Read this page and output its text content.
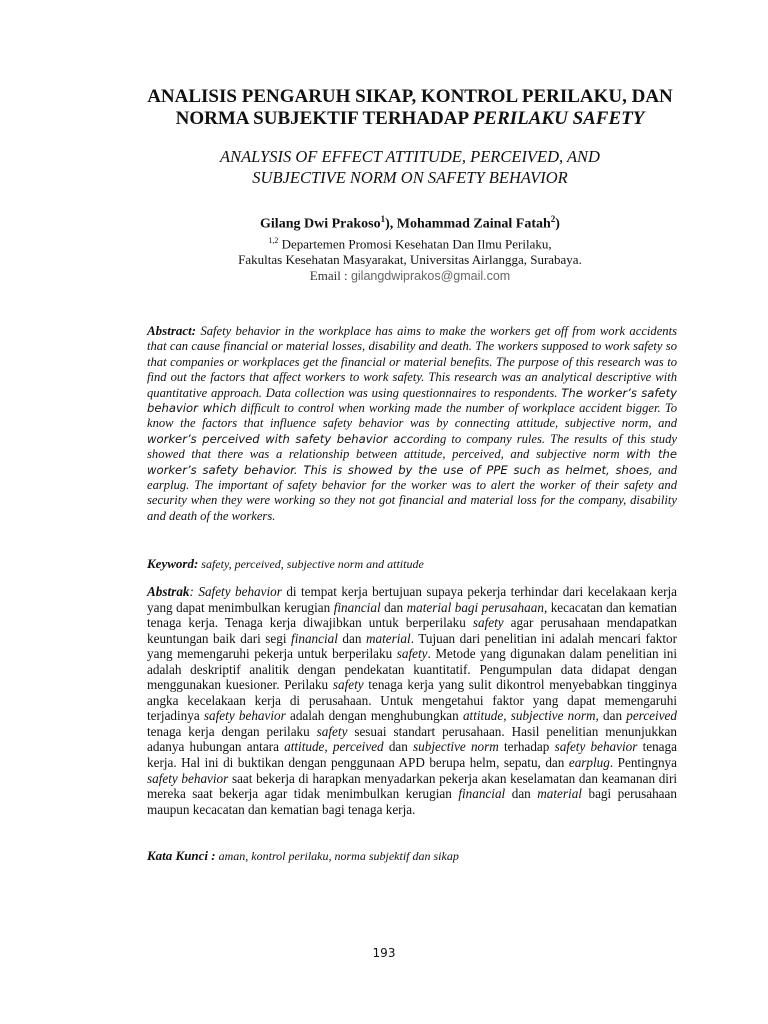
ANALISIS PENGARUH SIKAP, KONTROL PERILAKU, DAN
NORMA SUBJEKTIF TERHADAP PERILAKU SAFETY
ANALYSIS OF EFFECT ATTITUDE, PERCEIVED, AND
SUBJECTIVE NORM ON SAFETY BEHAVIOR
Gilang Dwi Prakoso$^1$), Mohammad Zainal Fatah$^2$)
$^{1,2}$ Departemen Promosi Kesehatan Dan Ilmu Perilaku,
Fakultas Kesehatan Masyarakat, Universitas Airlangga, Surabaya.
Email : gilangdwiprakos@gmail.com
Abstract: Safety behavior in the workplace has aims to make the workers get off from work accidents that can cause financial or material losses, disability and death. The workers supposed to work safety so that companies or workplaces get the financial or material benefits. The purpose of this research was to find out the factors that affect workers to work safety. This research was an analytical descriptive with quantitative approach. Data collection was using questionnaires to respondents. The worker’s safety behavior which difficult to control when working made the number of workplace accident bigger. To know the factors that influence safety behavior was by connecting attitude, subjective norm, and worker’s perceived with safety behavior according to company rules. The results of this study showed that there was a relationship between attitude, perceived, and subjective norm with the worker’s safety behavior. This is showed by the use of PPE such as helmet, shoes, and earplug. The important of safety behavior for the worker was to alert the worker of their safety and security when they were working so they not got financial and material loss for the company, disability and death of the workers.
Keyword: safety, perceived, subjective norm and attitude
Abstrak: Safety behavior di tempat kerja bertujuan supaya pekerja terhindar dari kecelakaan kerja yang dapat menimbulkan kerugian financial dan material bagi perusahaan, kecacatan dan kematian tenaga kerja. Tenaga kerja diwajibkan untuk berperilaku safety agar perusahaan mendapatkan keuntungan baik dari segi financial dan material. Tujuan dari penelitian ini adalah mencari faktor yang memengaruhi pekerja untuk berperilaku safety. Metode yang digunakan dalam penelitian ini adalah deskriptif analitik dengan pendekatan kuantitatif. Pengumpulan data didapat dengan menggunakan kuesioner. Perilaku safety tenaga kerja yang sulit dikontrol menyebabkan tingginya angka kecelakaan kerja di perusahaan. Untuk mengetahui faktor yang dapat memengaruhi terjadinya safety behavior adalah dengan menghubungkan attitude, subjective norm, dan perceived tenaga kerja dengan perilaku safety sesuai standart perusahaan. Hasil penelitian menunjukkan adanya hubungan antara attitude, perceived dan subjective norm terhadap safety behavior tenaga kerja. Hal ini di buktikan dengan penggunaan APD berupa helm, sepatu, dan earplug. Pentingnya safety behavior saat bekerja di harapkan menyadarkan pekerja akan keselamatan dan keamanan diri mereka saat bekerja agar tidak menimbulkan kerugian financial dan material bagi perusahaan maupun kecacatan dan kematian bagi tenaga kerja.
Kata Kunci : aman, kontrol perilaku, norma subjektif dan sikap
193
